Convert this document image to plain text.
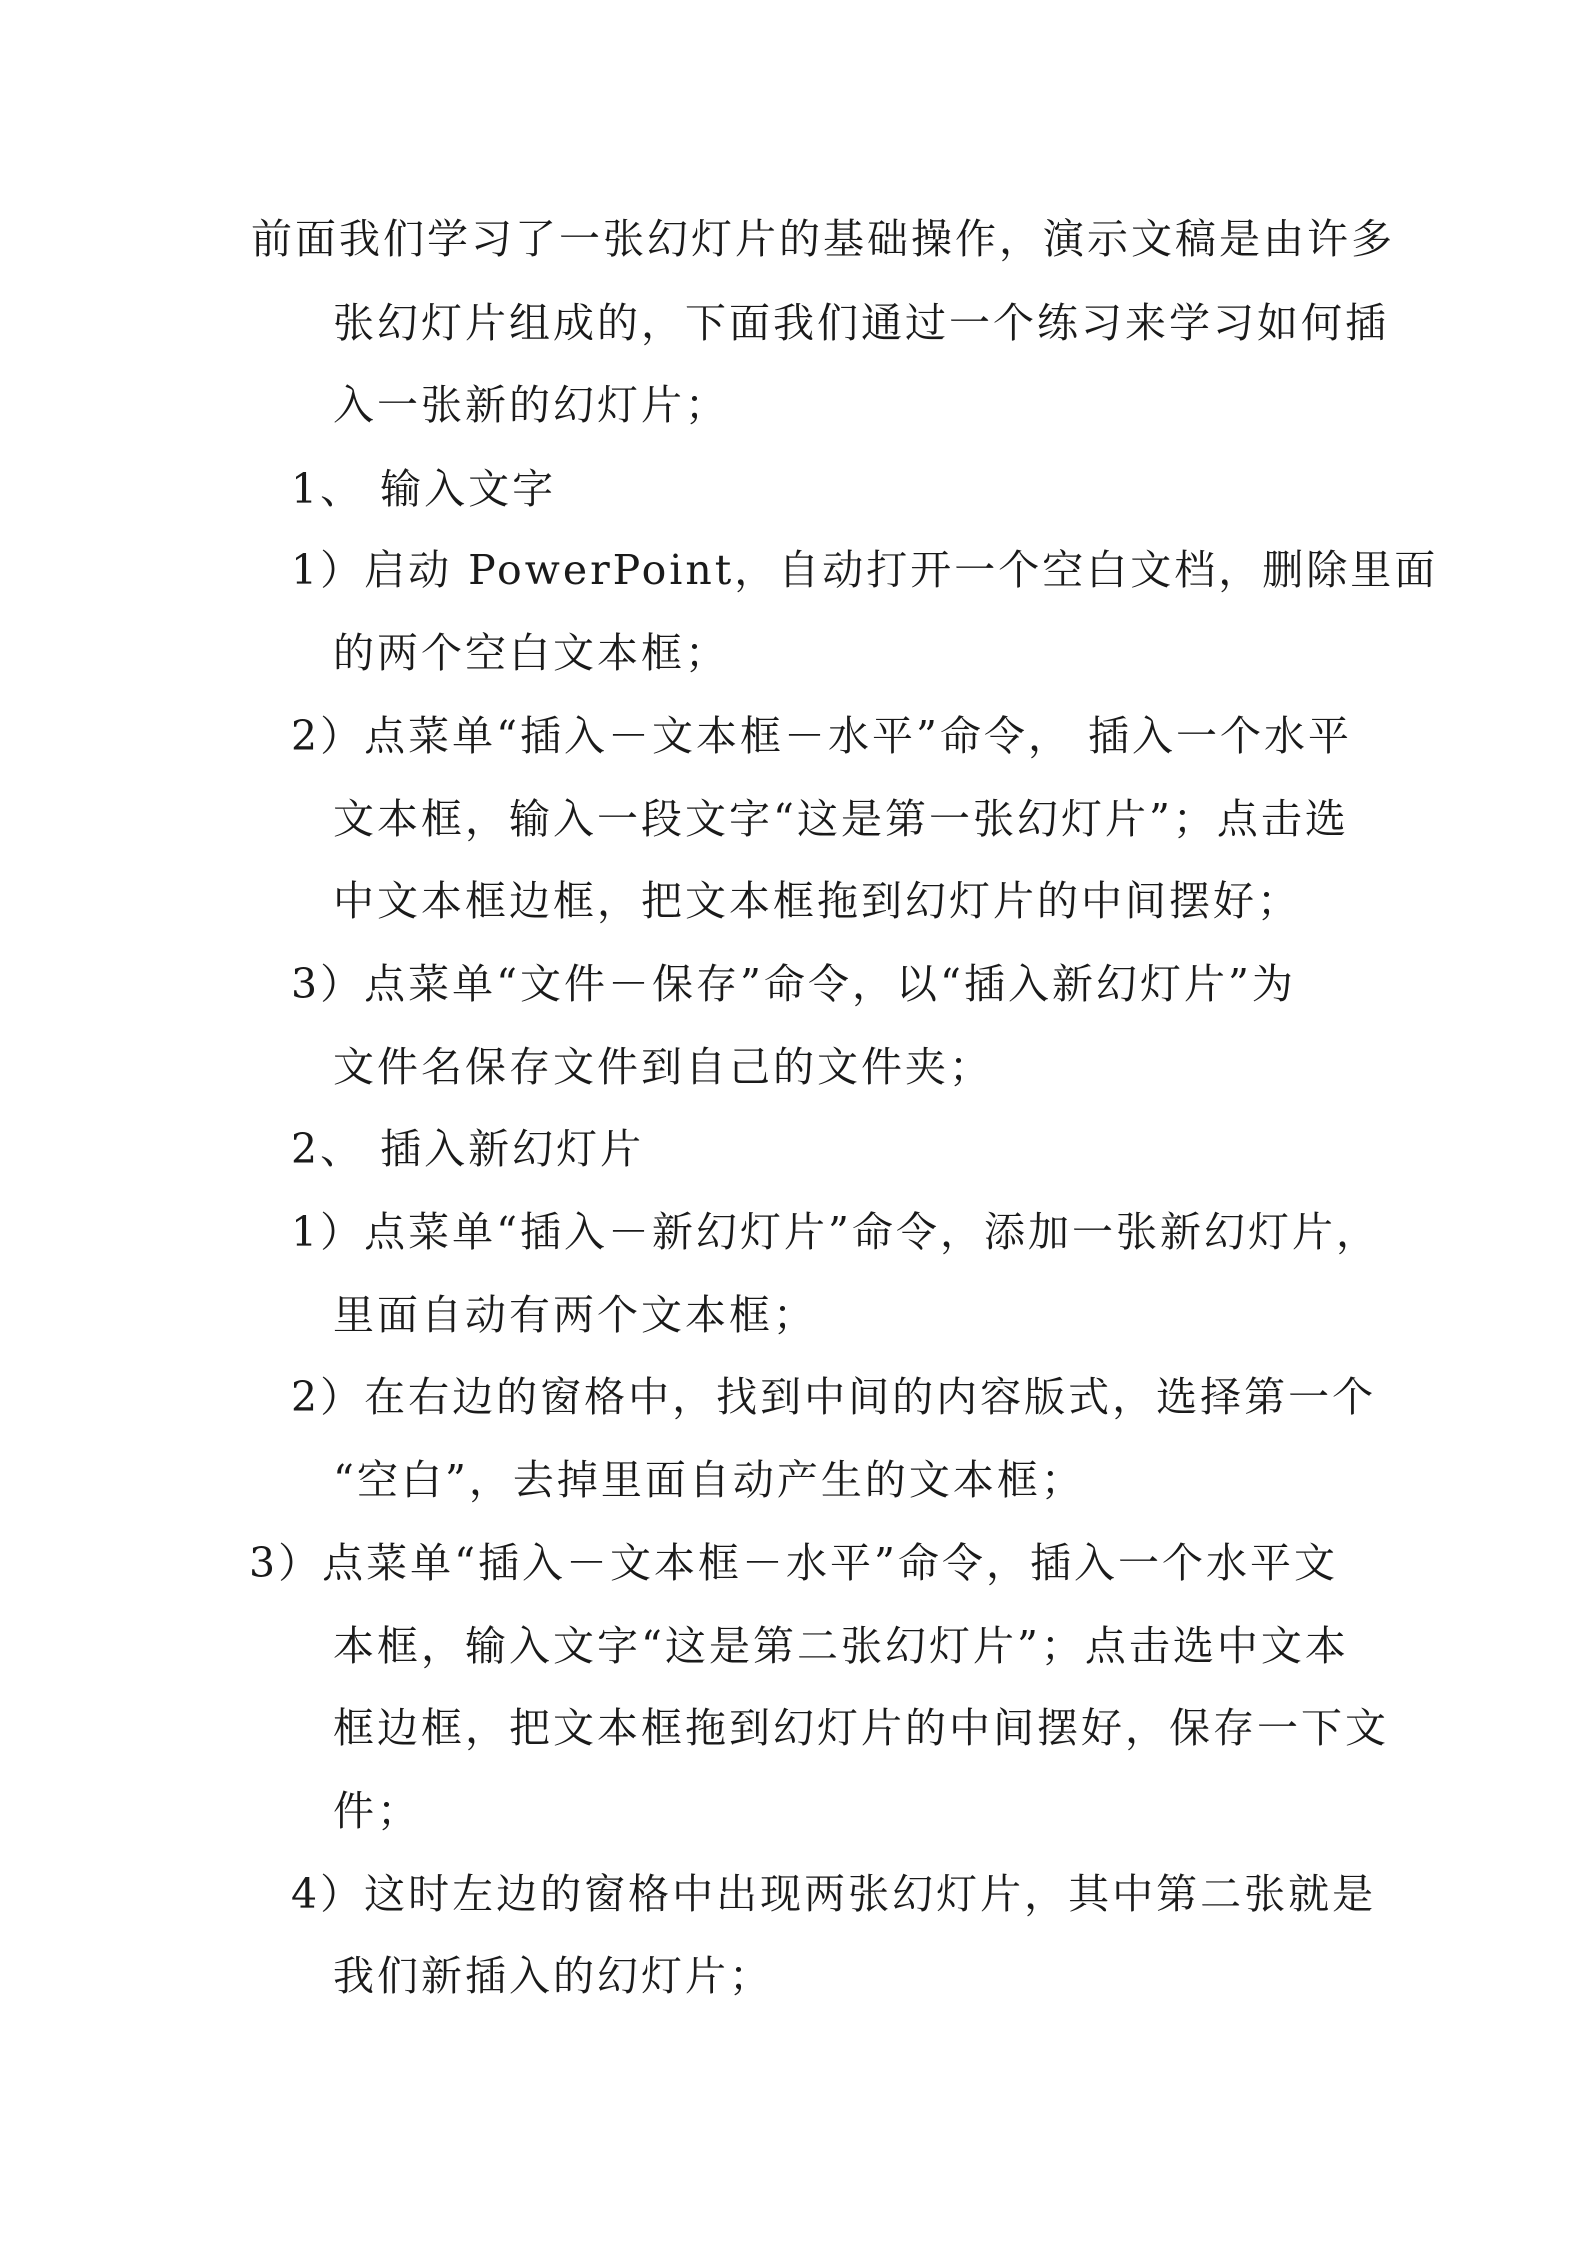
前面我们学习了一张幻灯片的基础操作，演示文稿是由许多
张幻灯片组成的，下面我们通过一个练习来学习如何插
入一张新的幻灯片；
1、 输入文字
1）启动 PowerPoint，自动打开一个空白文档，删除里面
的两个空白文本框；
2）点菜单“插入－文本框－水平”命令， 插入一个水平
文本框，输入一段文字“这是第一张幻灯片”；点击选
中文本框边框，把文本框拖到幻灯片的中间摆好；
3）点菜单“文件－保存”命令，以“插入新幻灯片”为
文件名保存文件到自己的文件夹；
2、 插入新幻灯片
1）点菜单“插入－新幻灯片”命令，添加一张新幻灯片，
里面自动有两个文本框；
2）在右边的窗格中，找到中间的内容版式，选择第一个
“空白”，去掉里面自动产生的文本框；
3）点菜单“插入－文本框－水平”命令，插入一个水平文
本框，输入文字“这是第二张幻灯片”；点击选中文本
框边框，把文本框拖到幻灯片的中间摆好，保存一下文
件；
4）这时左边的窗格中出现两张幻灯片，其中第二张就是
我们新插入的幻灯片；
